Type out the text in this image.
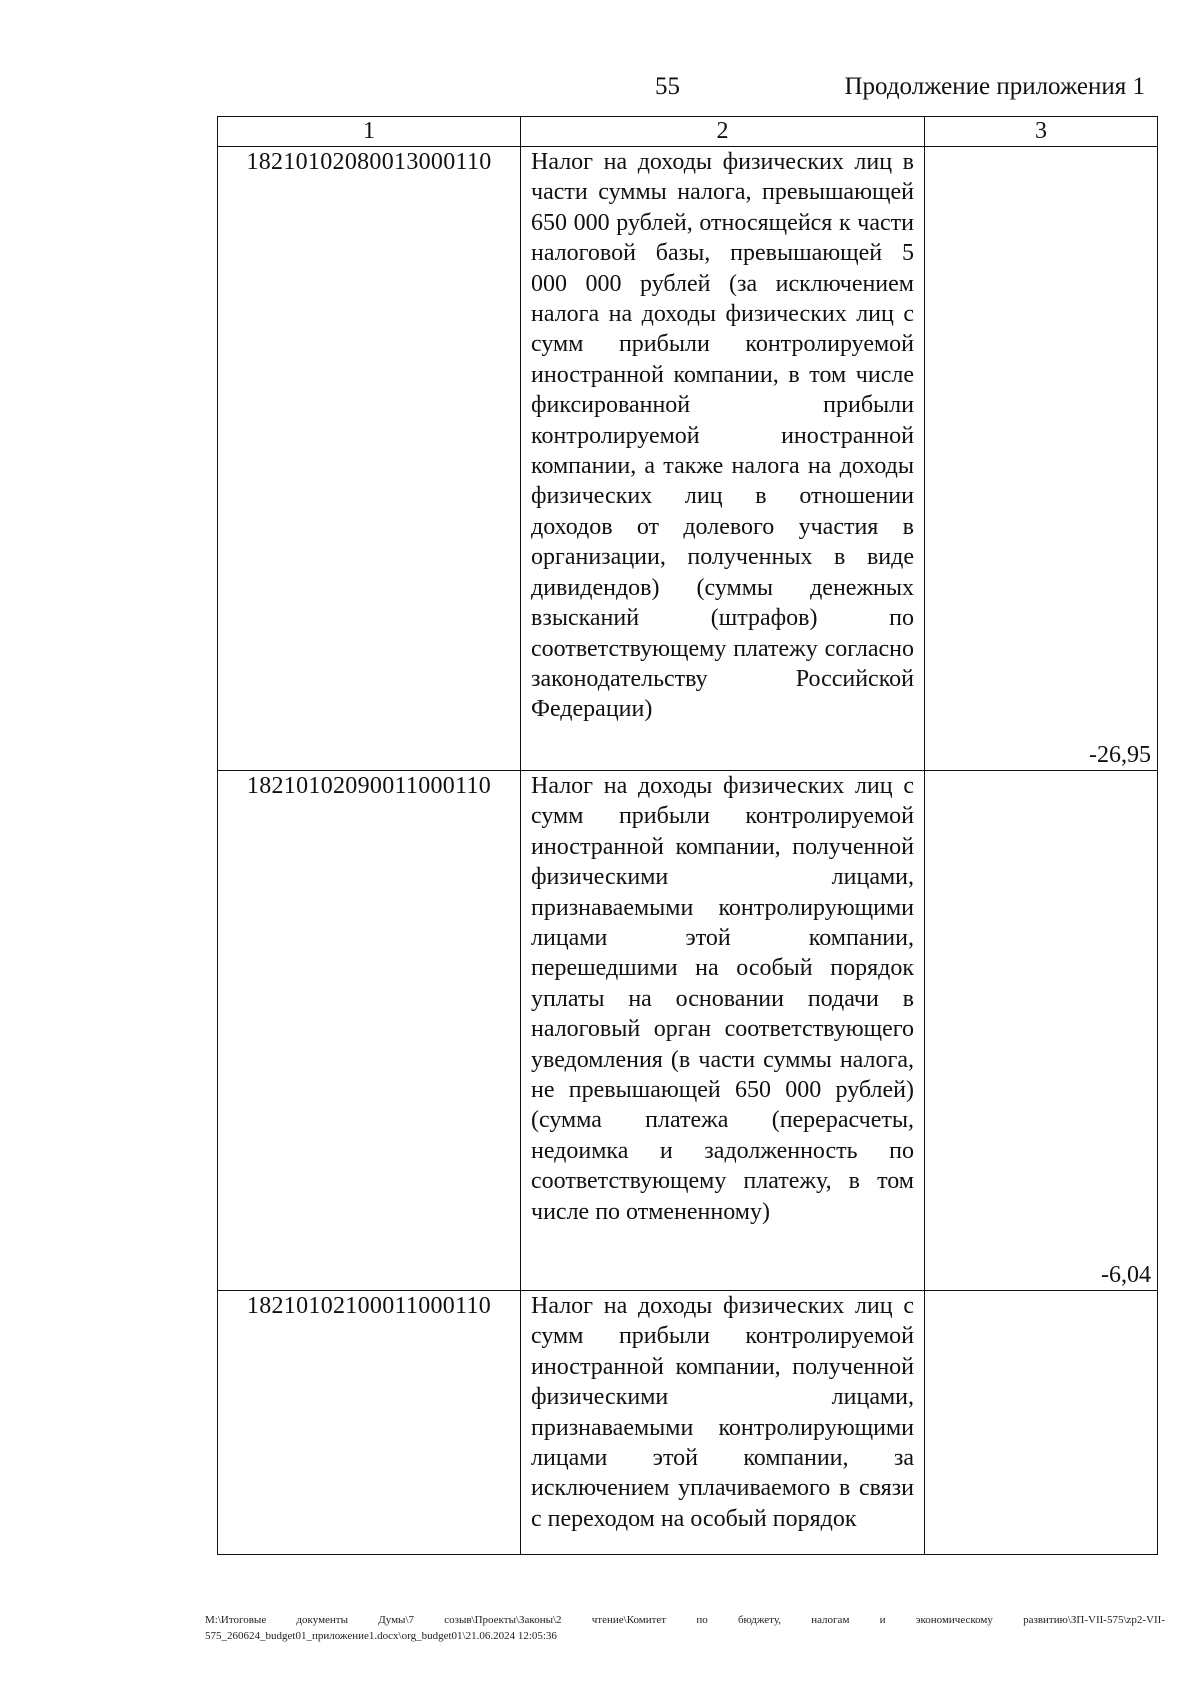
55	Продолжение приложения 1
1	2	3
18210102080013000110	Налог на доходы физических лиц в части суммы налога, превышающей 650 000 рублей, относящейся к части налоговой базы, превышающей 5 000 000 рублей (за исключением налога на доходы физических лиц с сумм прибыли контролируемой иностранной компании, в том числе фиксированной прибыли контролируемой иностранной компании, а также налога на доходы физических лиц в отношении доходов от долевого участия в организации, полученных в виде дивидендов) (суммы денежных взысканий (штрафов) по соответствующему платежу согласно законодательству Российской Федерации)	-26,95
18210102090011000110	Налог на доходы физических лиц с сумм прибыли контролируемой иностранной компании, полученной физическими лицами, признаваемыми контролирующими лицами этой компании, перешедшими на особый порядок уплаты на основании подачи в налоговый орган соответствующего уведомления (в части суммы налога, не превышающей 650 000 рублей) (сумма платежа (перерасчеты, недоимка и задолженность по соответствующему платежу, в том числе по отмененному)	-6,04
18210102100011000110	Налог на доходы физических лиц с сумм прибыли контролируемой иностранной компании, полученной физическими лицами, признаваемыми контролирующими лицами этой компании, за исключением уплачиваемого в связи с переходом на особый порядок	
M:\Итоговые документы Думы\7 созыв\Проекты\Законы\2 чтение\Комитет по бюджету, налогам и экономическому развитию\ЗП-VII-575\zp2-VII-575_260624_budget01_приложение1.docx\org_budget01\21.06.2024 12:05:36
